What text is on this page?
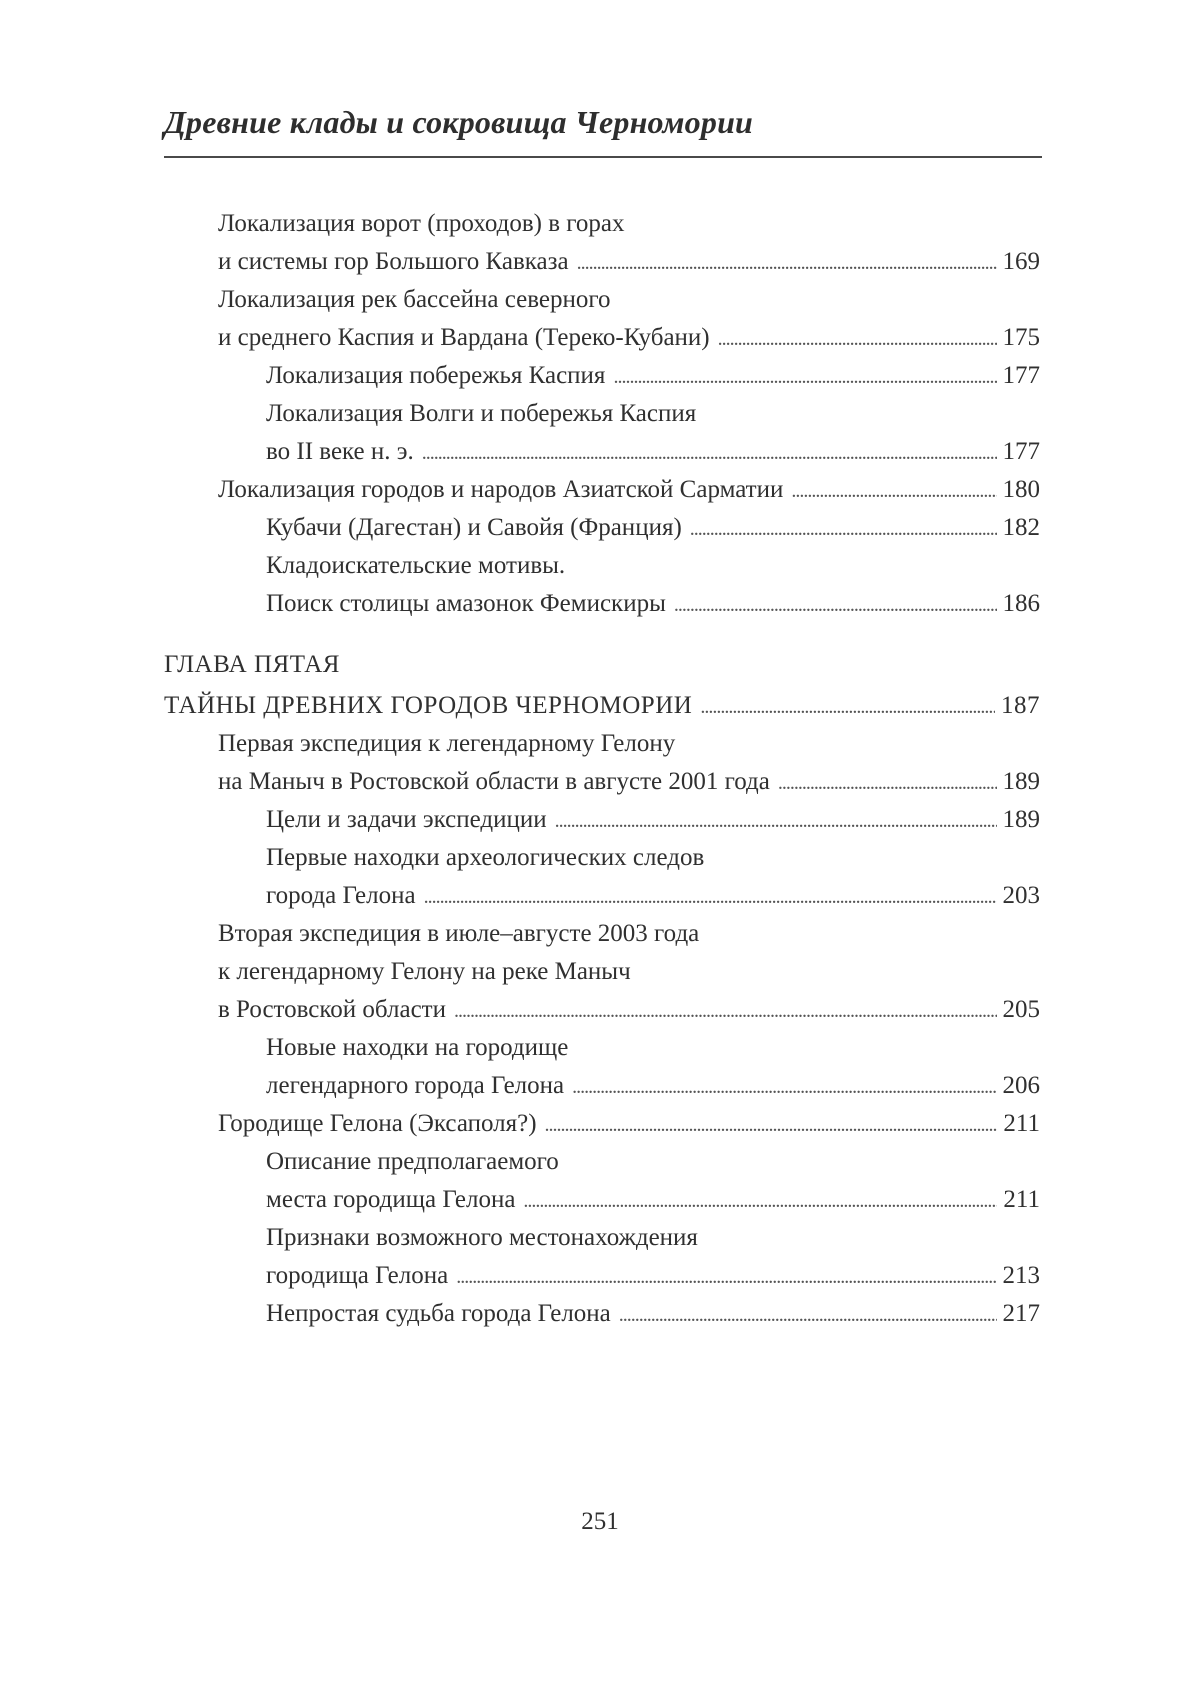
Древние клады и сокровища Черномории
Локализация ворот (проходов) в горах
и системы гор Большого Кавказа . . .	169
Локализация рек бассейна северного
и среднего Каспия и Вардана (Тереко-Кубани) . . .	175
Локализация побережья Каспия . . .	177
Локализация Волги и побережья Каспия
во II веке н. э. . . .	177
Локализация городов и народов Азиатской Сарматии . . .	180
Кубачи (Дагестан) и Савойя (Франция) . . .	182
Кладоискательские мотивы.
Поиск столицы амазонок Фемискиры . . .	186
ГЛАВА ПЯТАЯ
ТАЙНЫ ДРЕВНИХ ГОРОДОВ ЧЕРНОМОРИИ . . .	187
Первая экспедиция к легендарному Гелону
на Маныч в Ростовской области в августе 2001 года . . .	189
Цели и задачи экспедиции . . .	189
Первые находки археологических следов
города Гелона . . .	203
Вторая экспедиция в июле–августе 2003 года
к легендарному Гелону на реке Маныч
в Ростовской области . . .	205
Новые находки на городище
легендарного города Гелона . . .	206
Городище Гелона (Эксаполя?) . . .	211
Описание предполагаемого
места городища Гелона . . .	211
Признаки возможного местонахождения
городища Гелона . . .	213
Непростая судьба города Гелона . . .	217
251
